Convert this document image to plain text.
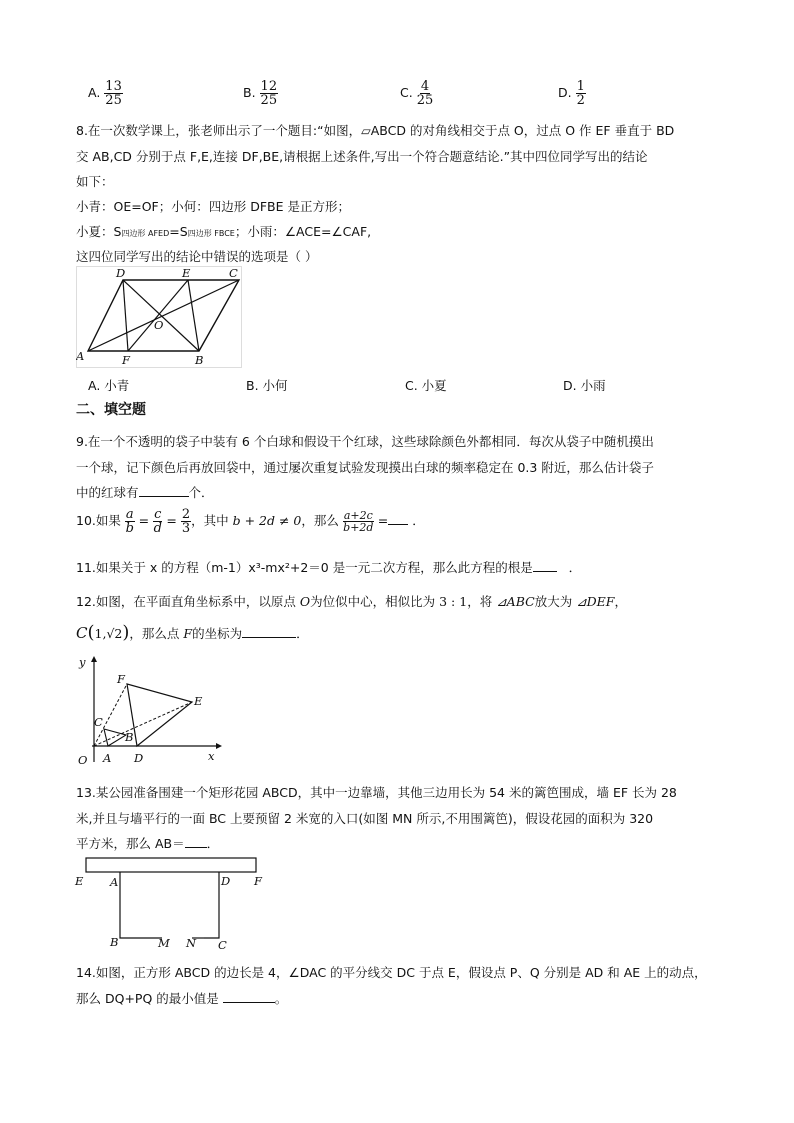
A. $\frac{13}{25}$	B. $\frac{12}{25}$	C. $\frac{4}{25}$	D. $\frac{1}{2}$
8.在一次数学课上，张老师出示了一个题目:“如图，▱ABCD 的对角线相交于点 O，过点 O 作 EF 垂直于 BD
交 AB,CD 分别于点 F,E,连接 DF,BE,请根据上述条件,写出一个符合题意结论.”其中四位同学写出的结论
如下：
小青：OE=OF；小何：四边形 DFBE 是正方形；
小夏：S四边形 AFED=S四边形 FBCE；小雨：∠ACE=∠CAF,
这四位同学写出的结论中错误的选项是（ ）
D	E	C
O
A	F	B
A. 小青	B. 小何	C. 小夏	D. 小雨
二、填空题
9.在一个不透明的袋子中装有 6 个白球和假设干个红球，这些球除颜色外都相同．每次从袋子中随机摸出
一个球，记下颜色后再放回袋中，通过屡次重复试验发现摸出白球的频率稳定在 0.3 附近，那么估计袋子
中的红球有	个．
10.如果 $\frac{a}{b} = \frac{c}{d} = \frac{2}{3}$ ，其中 b + 2d ≠ 0，那么 $\frac{a+2c}{b+2d}$ = ．
11.如果关于 x 的方程（m-1）x³-mx²+2＝0 是一元二次方程，那么此方程的根是	．
12.如图，在平面直角坐标系中，以原点 O为位似中心，相似比为 3 : 1，将 ⊿ABC放大为 ⊿DEF，
C(1,√2)，那么点 F的坐标为	．
y
x
O
F
E
C
B
A D
13.某公园准备围建一个矩形花园 ABCD，其中一边靠墙，其他三边用长为 54 米的篱笆围成，墙 EF 长为 28
米,并且与墙平行的一面 BC 上要预留 2 米宽的入口(如图 MN 所示,不用围篱笆)，假设花园的面积为 320
平方米，那么 AB＝ ．
E A	D F
B	M N C
14.如图，正方形 ABCD 的边长是 4，∠DAC 的平分线交 DC 于点 E，假设点 P、Q 分别是 AD 和 AE 上的动点，
那么 DQ+PQ 的最小值是	。
